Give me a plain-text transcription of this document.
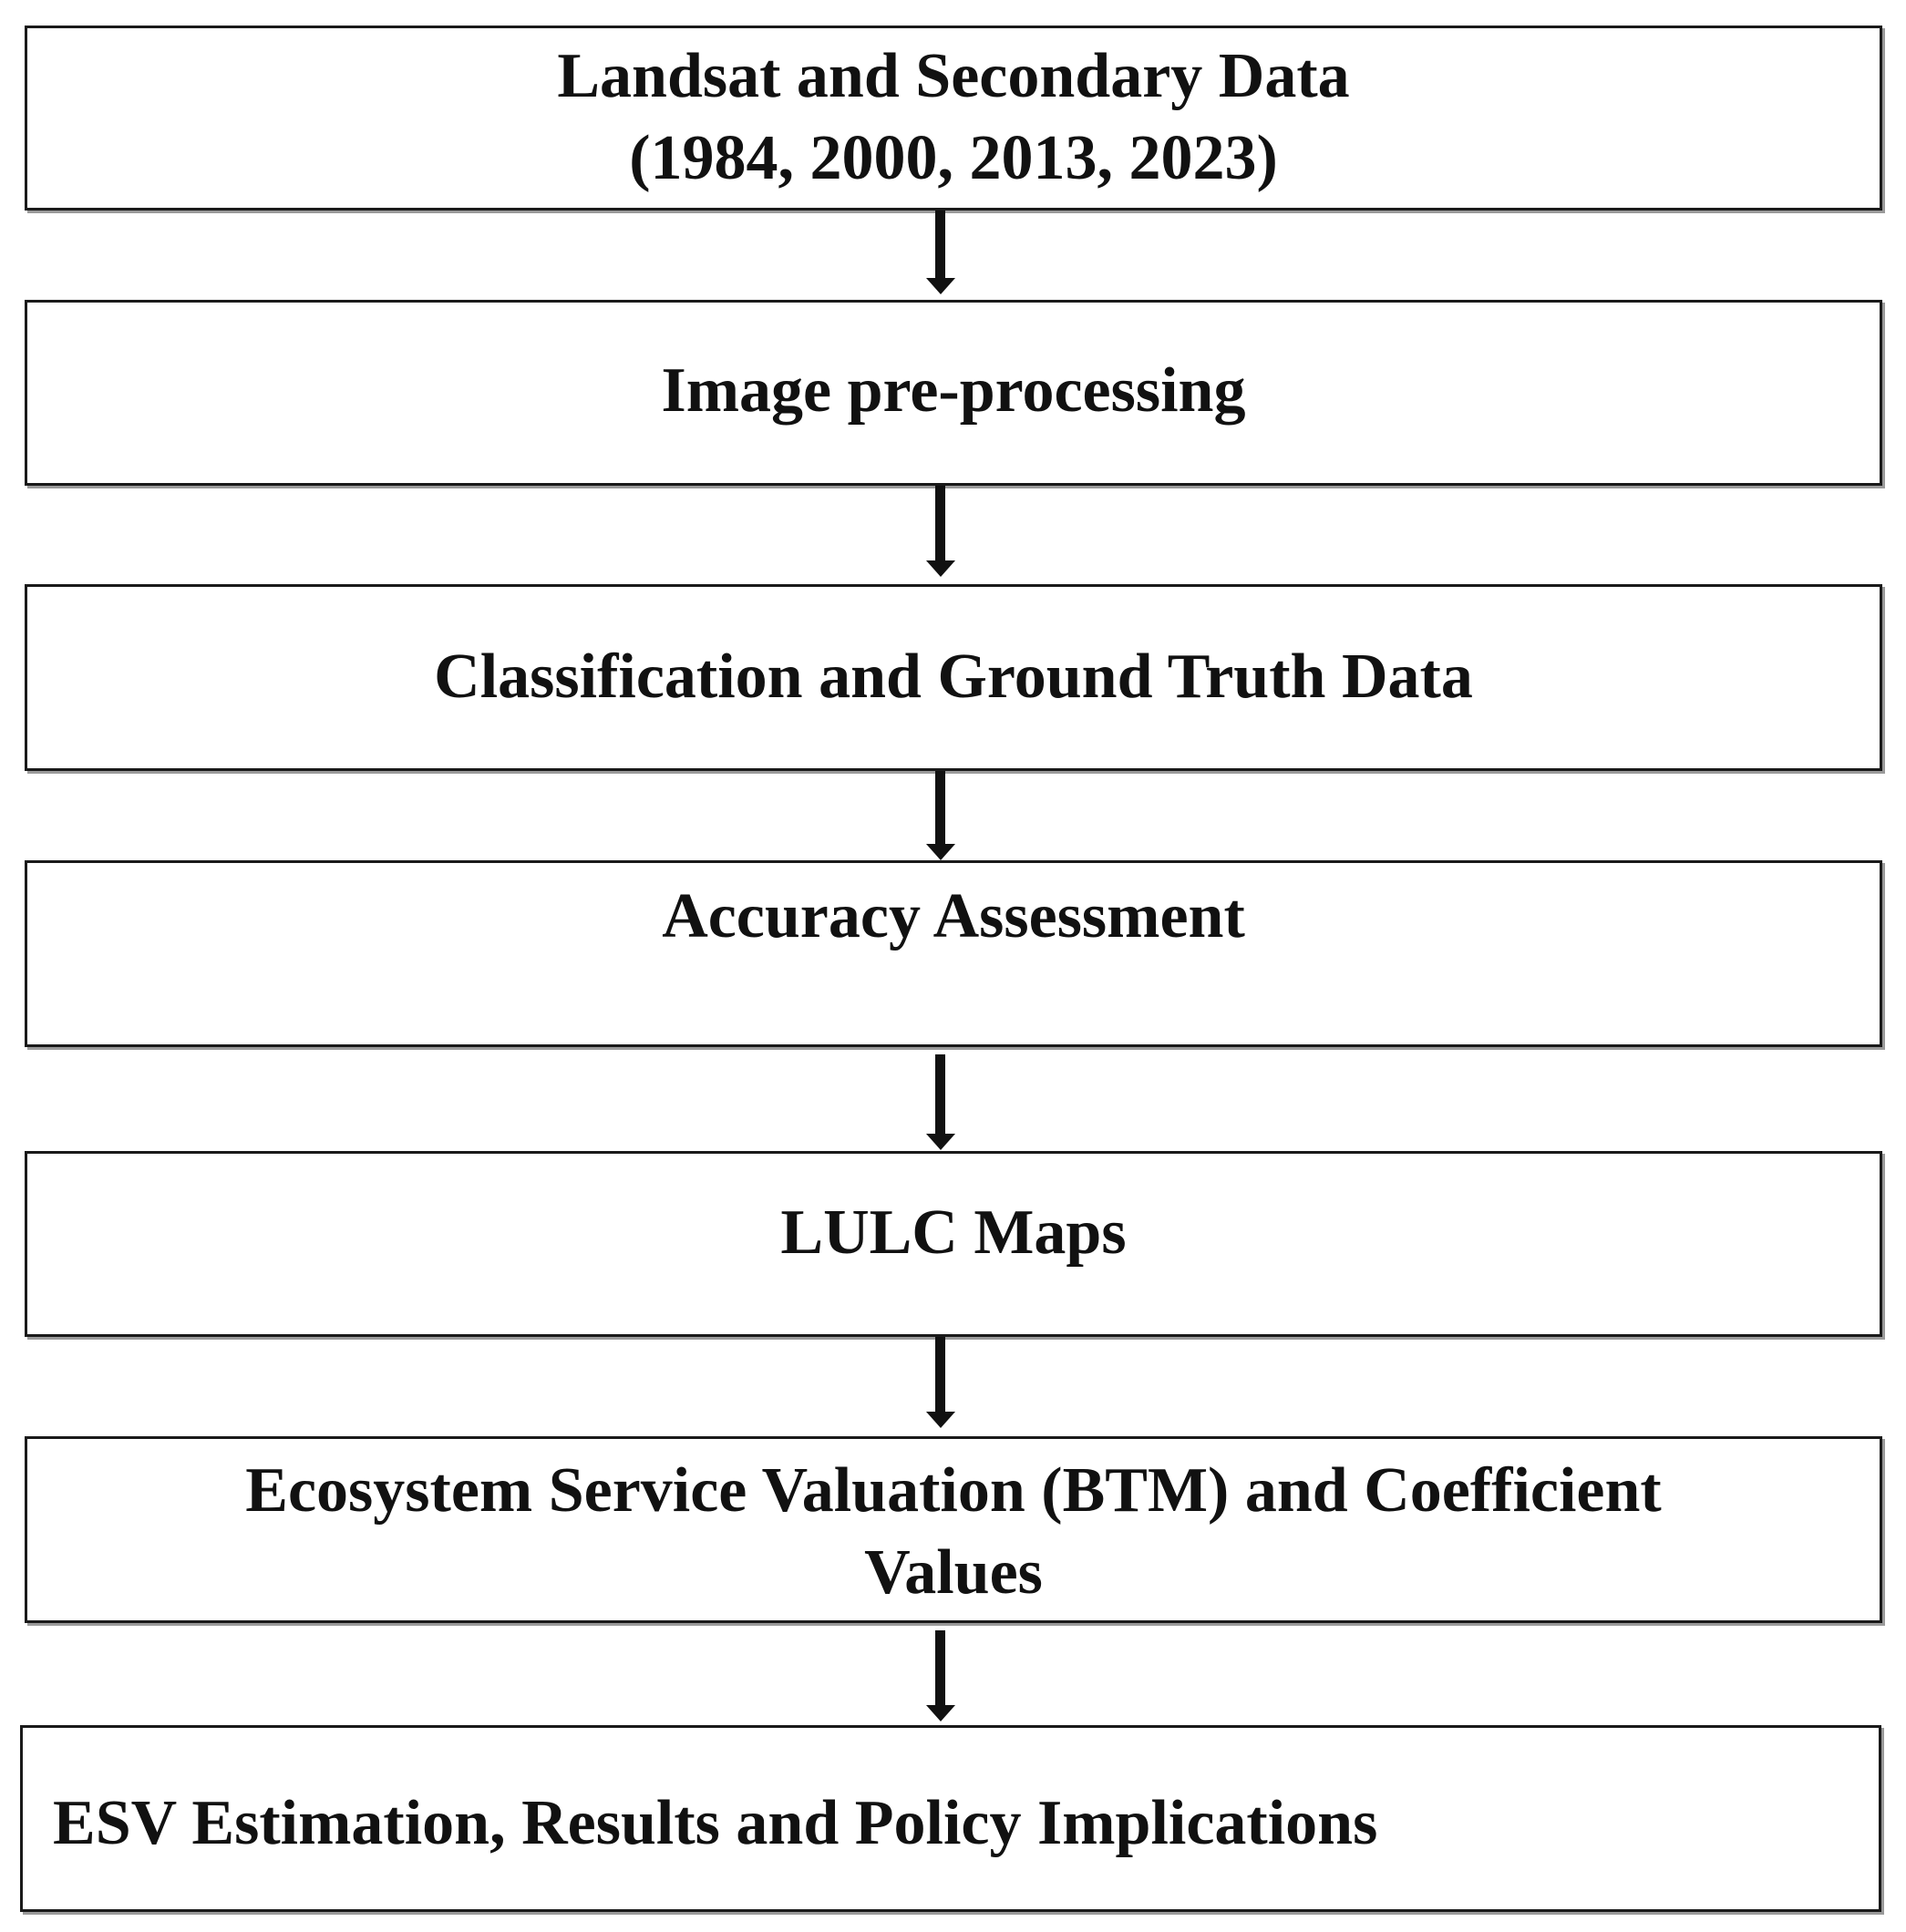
Landsat and Secondary Data
(1984, 2000, 2013, 2023)
Image pre-processing
Classification and Ground Truth Data
Accuracy Assessment
LULC Maps
Ecosystem Service Valuation (BTM) and Coefficient
Values
ESV Estimation, Results and Policy Implications
